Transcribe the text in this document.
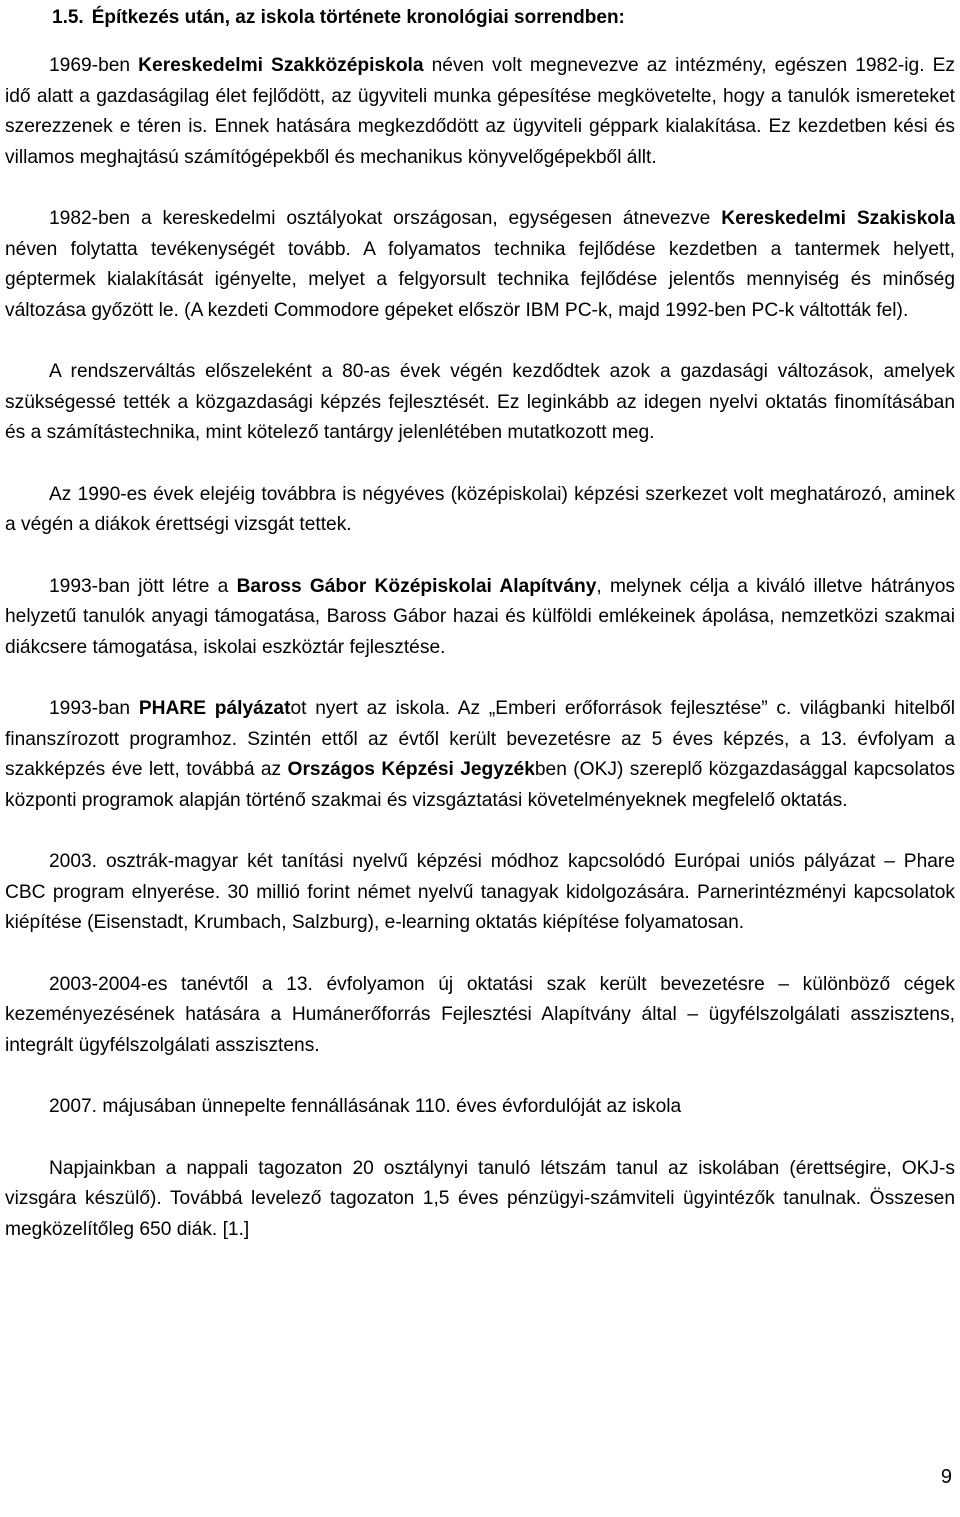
1.5. Építkezés után, az iskola története kronológiai sorrendben:

1969-ben Kereskedelmi Szakközépiskola néven volt megnevezve az intézmény, egészen 1982-ig. Ez idő alatt a gazdaságilag élet fejlődött, az ügyviteli munka gépesítése megkövetelte, hogy a tanulók ismereteket szerezzenek e téren is. Ennek hatására megkezdődött az ügyviteli géppark kialakítása. Ez kezdetben kési és villamos meghajtású számítógépekből és mechanikus könyvelőgépekből állt.

1982-ben a kereskedelmi osztályokat országosan, egységesen átnevezve Kereskedelmi Szakiskola néven folytatta tevékenységét tovább. A folyamatos technika fejlődése kezdetben a tantermek helyett, géptermek kialakítását igényelte, melyet a felgyorsult technika fejlődése jelentős mennyiség és minőség változása győzött le. (A kezdeti Commodore gépeket először IBM PC-k, majd 1992-ben PC-k váltották fel).

A rendszerváltás előszeleként a 80-as évek végén kezdődtek azok a gazdasági változások, amelyek szükségessé tették a közgazdasági képzés fejlesztését. Ez leginkább az idegen nyelvi oktatás finomításában és a számítástechnika, mint kötelező tantárgy jelenlétében mutatkozott meg.

Az 1990-es évek elejéig továbbra is négyéves (középiskolai) képzési szerkezet volt meghatározó, aminek a végén a diákok érettségi vizsgát tettek.

1993-ban jött létre a Baross Gábor Középiskolai Alapítvány, melynek célja a kiváló illetve hátrányos helyzetű tanulók anyagi támogatása, Baross Gábor hazai és külföldi emlékeinek ápolása, nemzetközi szakmai diákcsere támogatása, iskolai eszköztár fejlesztése.

1993-ban PHARE pályázatot nyert az iskola. Az „Emberi erőforrások fejlesztése” c. világbanki hitelből finanszírozott programhoz. Szintén ettől az évtől került bevezetésre az 5 éves képzés, a 13. évfolyam a szakképzés éve lett, továbbá az Országos Képzési Jegyzékben (OKJ) szereplő közgazdasággal kapcsolatos központi programok alapján történő szakmai és vizsgáztatási követelményeknek megfelelő oktatás.

2003. osztrák-magyar két tanítási nyelvű képzési módhoz kapcsolódó Európai uniós pályázat – Phare CBC program elnyerése. 30 millió forint német nyelvű tanagyak kidolgozására. Parnerintézményi kapcsolatok kiépítése (Eisenstadt, Krumbach, Salzburg), e-learning oktatás kiépítése folyamatosan.

2003-2004-es tanévtől a 13. évfolyamon új oktatási szak került bevezetésre – különböző cégek kezeményezésének hatására a Humánerőforrás Fejlesztési Alapítvány által – ügyfélszolgálati asszisztens, integrált ügyfélszolgálati asszisztens.

2007. májusában ünnepelte fennállásának 110. éves évfordulóját az iskola

Napjainkban a nappali tagozaton 20 osztálynyi tanuló létszám tanul az iskolában (érettségire, OKJ-s vizsgára készülő). Továbbá levelező tagozaton 1,5 éves pénzügyi-számviteli ügyintézők tanulnak. Összesen megközelítőleg 650 diák. [1.]

9
